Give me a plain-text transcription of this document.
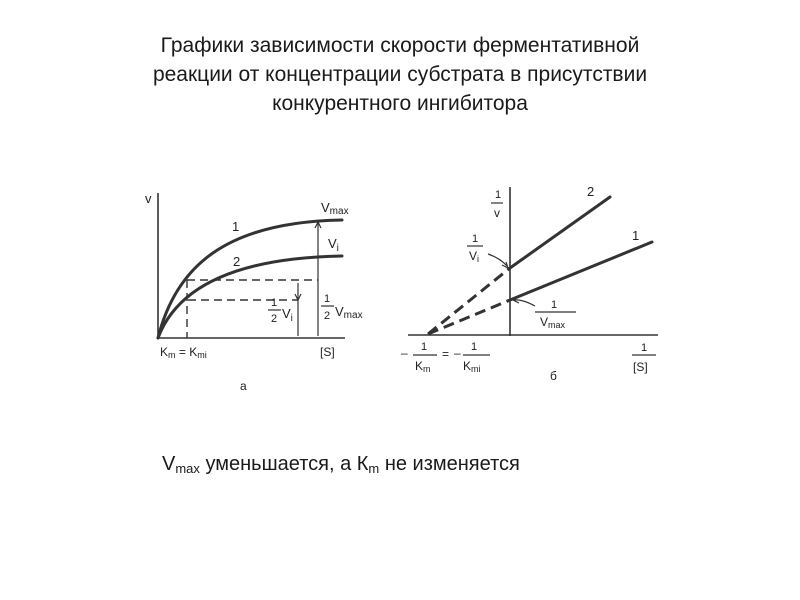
Графики зависимости скорости ферментативной
реакции от концентрации субстрата в присутствии
конкурентного ингибитора
v
1
2
Vmax
$V_i$
1
2 $V_i$
1
2 Vmax
Km = Kmi	[S]
а
1
v
2
1
1
Vi
1
Vmax
– 1
Km
= – 1
Kmi
1
[S]
б
Vmax уменьшается, а Кm не изменяется
